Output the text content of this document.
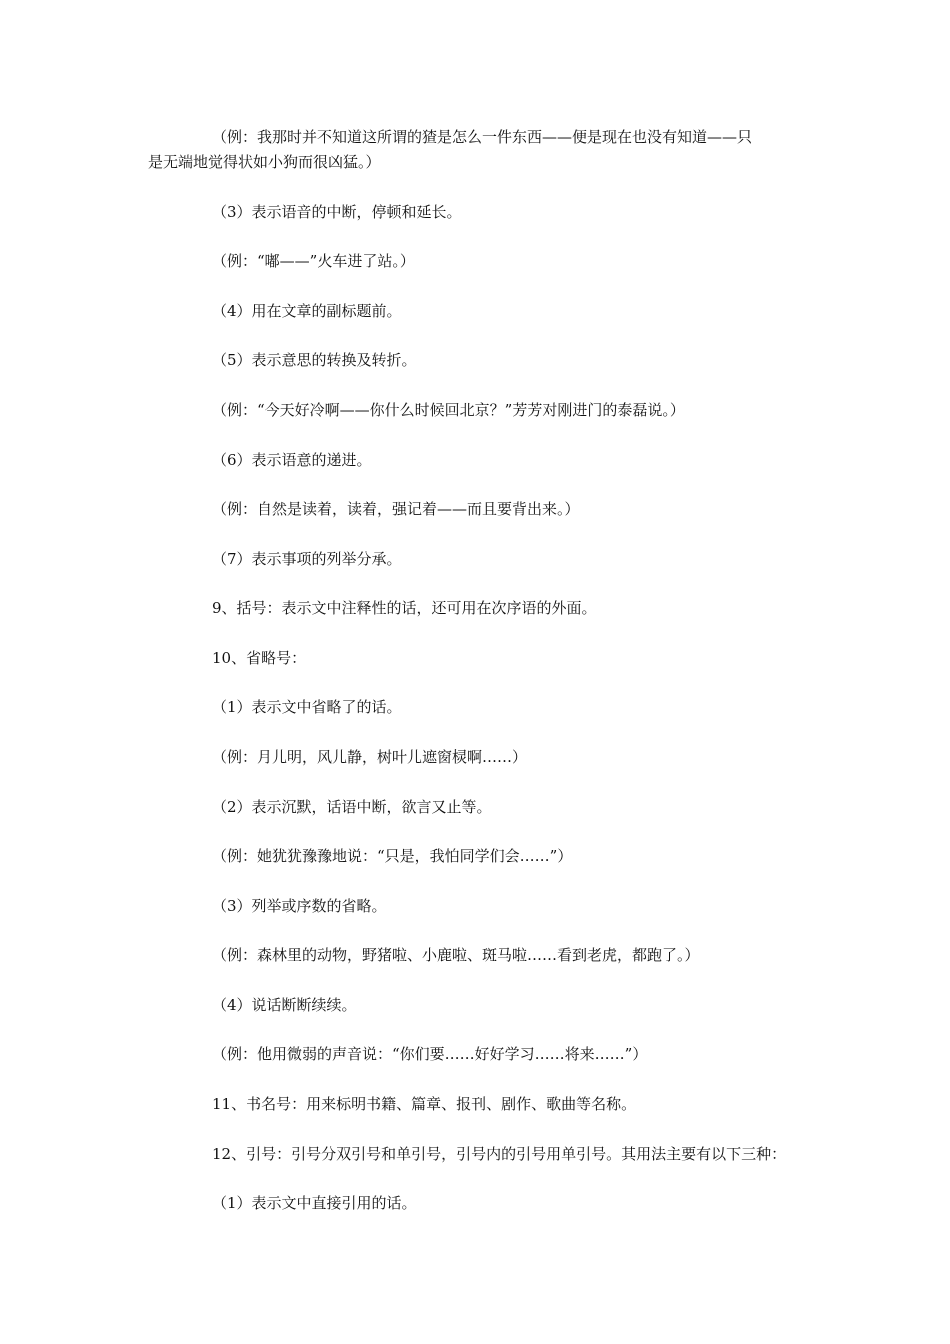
（例：我那时并不知道这所谓的猹是怎么一件东西——便是现在也没有知道——只

是无端地觉得状如小狗而很凶猛。）

（3）表示语音的中断，停顿和延长。

（例：“嘟——”火车进了站。）

（4）用在文章的副标题前。

（5）表示意思的转换及转折。

（例：“今天好冷啊——你什么时候回北京？”芳芳对刚进门的泰磊说。）

（6）表示语意的递进。

（例：自然是读着，读着，强记着——而且要背出来。）

（7）表示事项的列举分承。

9、括号：表示文中注释性的话，还可用在次序语的外面。

10、省略号：

（1）表示文中省略了的话。

（例：月儿明，风儿静，树叶儿遮窗棂啊……）

（2）表示沉默，话语中断，欲言又止等。

（例：她犹犹豫豫地说：“只是，我怕同学们会……”）

（3）列举或序数的省略。

（例：森林里的动物，野猪啦、小鹿啦、斑马啦……看到老虎，都跑了。）

（4）说话断断续续。

（例：他用微弱的声音说：“你们要……好好学习……将来……”）

11、书名号：用来标明书籍、篇章、报刊、剧作、歌曲等名称。

12、引号：引号分双引号和单引号，引号内的引号用单引号。其用法主要有以下三种：

（1）表示文中直接引用的话。
